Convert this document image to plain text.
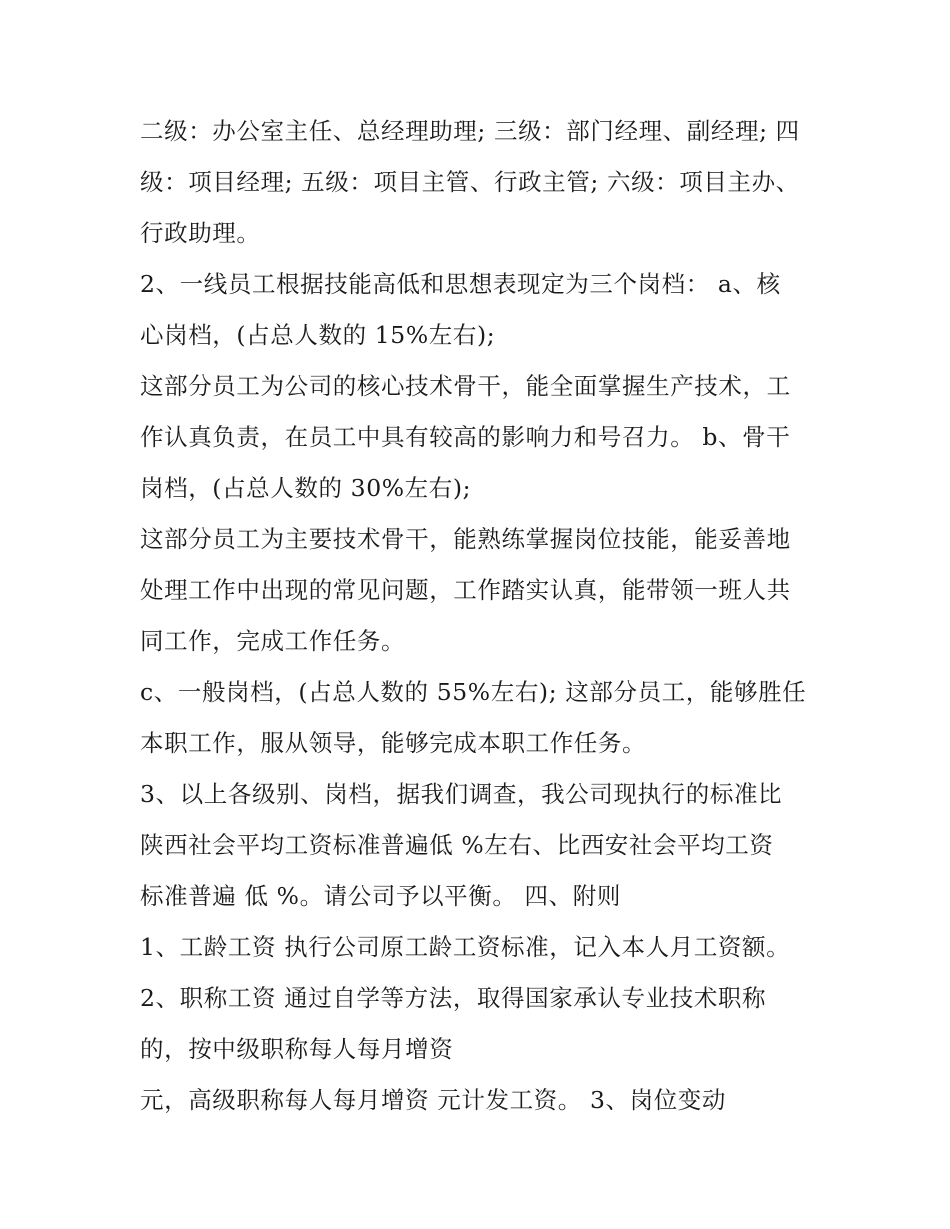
二级：办公室主任、总经理助理; 三级：部门经理、副经理; 四
级：项目经理; 五级：项目主管、行政主管; 六级：项目主办、
行政助理。
2、一线员工根据技能高低和思想表现定为三个岗档： a、核
心岗档，(占总人数的 15%左右);
这部分员工为公司的核心技术骨干，能全面掌握生产技术，工
作认真负责，在员工中具有较高的影响力和号召力。 b、骨干
岗档，(占总人数的 30%左右);
这部分员工为主要技术骨干，能熟练掌握岗位技能，能妥善地
处理工作中出现的常见问题，工作踏实认真，能带领一班人共
同工作，完成工作任务。
c、一般岗档，(占总人数的 55%左右); 这部分员工，能够胜任
本职工作，服从领导，能够完成本职工作任务。
3、以上各级别、岗档，据我们调查，我公司现执行的标准比
陕西社会平均工资标准普遍低 %左右、比西安社会平均工资
标准普遍 低 %。请公司予以平衡。 四、附则
1、工龄工资 执行公司原工龄工资标准，记入本人月工资额。
2、职称工资 通过自学等方法，取得国家承认专业技术职称
的，按中级职称每人每月增资
元，高级职称每人每月增资 元计发工资。 3、岗位变动
